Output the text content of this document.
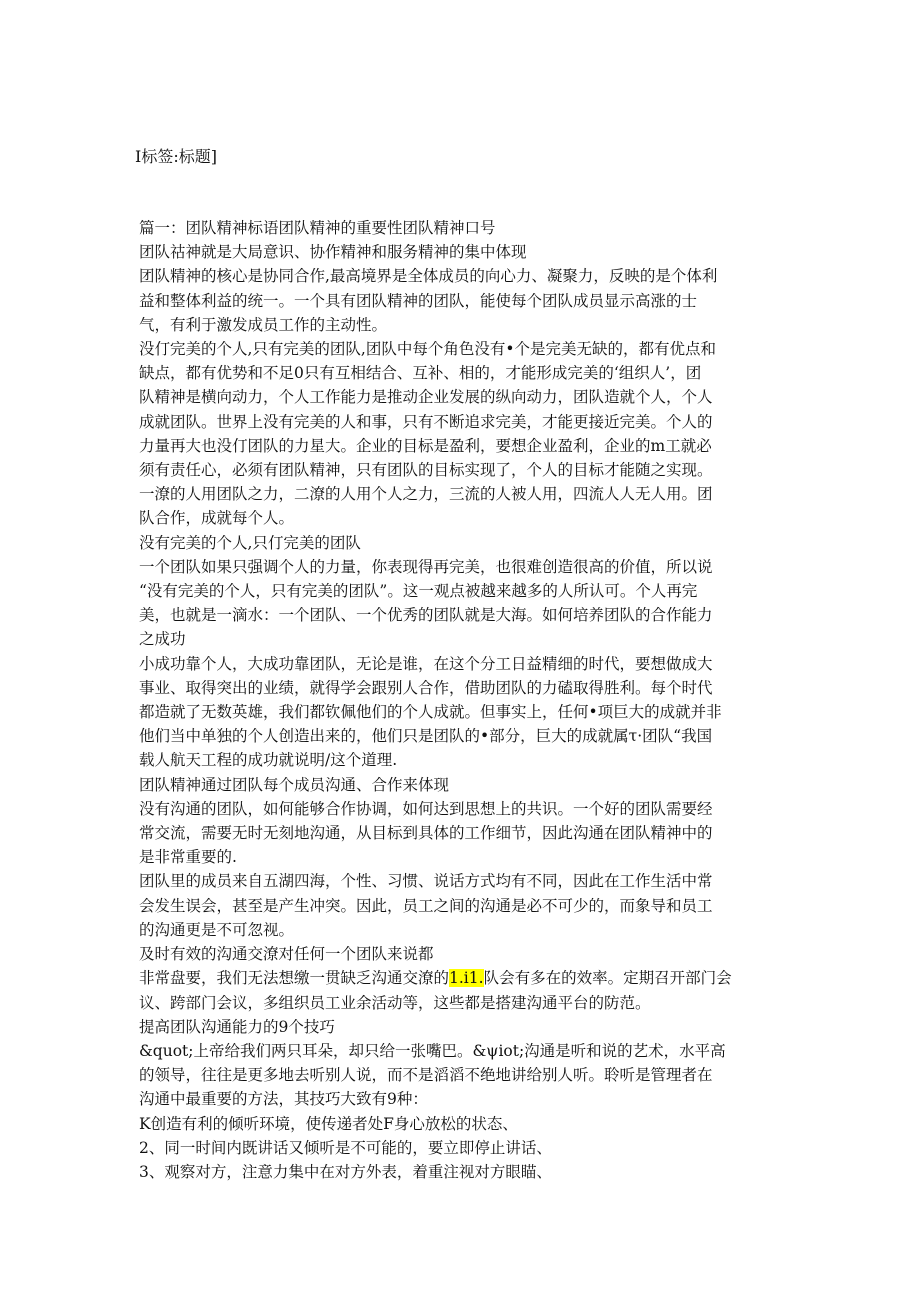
I标签:标题]

篇一：团队精神标语团队精神的重要性团队精神口号

团队祜神就是大局意识、协作精神和服务精神的集中体现

团队精神的核心是协同合作,最高境界是全体成员的向心力、凝聚力，反映的是个体利

益和整体利益的统一。一个具有团队精神的团队，能使每个团队成员显示高涨的士

气，有利于激发成员工作的主动性。

没仃完美的个人,只有完美的团队,团队中每个角色没有•个是完美无缺的，都有优点和

缺点，都有优势和不足0只有互相结合、互补、相的，才能形成完美的‘组织人’，团

队精神是横向动力，个人工作能力是推动企业发展的纵向动力，团队造就个人，个人

成就团队。世界上没有完美的人和事，只有不断追求完美，才能更接近完美。个人的

力量再大也没仃团队的力星大。企业的目标是盈利，要想企业盈利，企业的m工就必

须有责任心，必须有团队精神，只有团队的目标实现了，个人的目标才能随之实现。

一潦的人用团队之力，二潦的人用个人之力，三流的人被人用，四流人人无人用。团

队合作，成就每个人。

没有完美的个人,只仃完美的团队

一个团队如果只强调个人的力量，你表现得再完美，也很难创造很高的价值，所以说

“没有完美的个人，只有完美的团队”。这一观点被越来越多的人所认可。个人再完

美，也就是一滴水：一个团队、一个优秀的团队就是大海。如何培养团队的合作能力

之成功

小成功靠个人，大成功靠团队，无论是谁，在这个分工日益精细的时代，要想做成大

事业、取得突出的业绩，就得学会跟别人合作，借助团队的力磕取得胜利。每个时代

都造就了无数英雄，我们都钦佩他们的个人成就。但事实上，任何•项巨大的成就并非

他们当中单独的个人创造出来的，他们只是团队的•部分，巨大的成就属τ·团队“我国

载人航天工程的成功就说明/这个道理.

团队精神通过团队每个成员沟通、合作来体现

没有沟通的团队，如何能够合作协调，如何达到思想上的共识。一个好的团队需要经

常交流，需要无时无刻地沟通，从目标到具体的工作细节，因此沟通在团队精神中的

是非常重要的.

团队里的成员来自五湖四海，个性、习惯、说话方式均有不同，因此在工作生活中常

会发生误会，甚至是产生冲突。因此，员工之间的沟通是必不可少的，而象导和员工

的沟通更是不可忽视。

及时有效的沟通交潦对任何一个团队来说都

非常盘要，我们无法想缴一贯缺乏沟通交潦的1.i1.队会有多在的效率。定期召开部门会

议、跨部门会议，多组织员工业余活动等，这些都是搭建沟通平台的防范。

提高团队沟通能力的9个技巧

&quot;上帝给我们两只耳朵，却只给一张嘴巴。&ψiot;沟通是听和说的艺术，水平高

的领导，往往是更多地去听别人说，而不是滔滔不绝地讲给别人听。聆听是管理者在

沟通中最重要的方法，其技巧大致有9种：

K创造有利的倾听环境，使传递者处F身心放松的状态、

2、同一时间内既讲话又倾听是不可能的，要立即停止讲话、

3、观察对方，注意力集中在对方外表，着重注视对方眼瞄、
